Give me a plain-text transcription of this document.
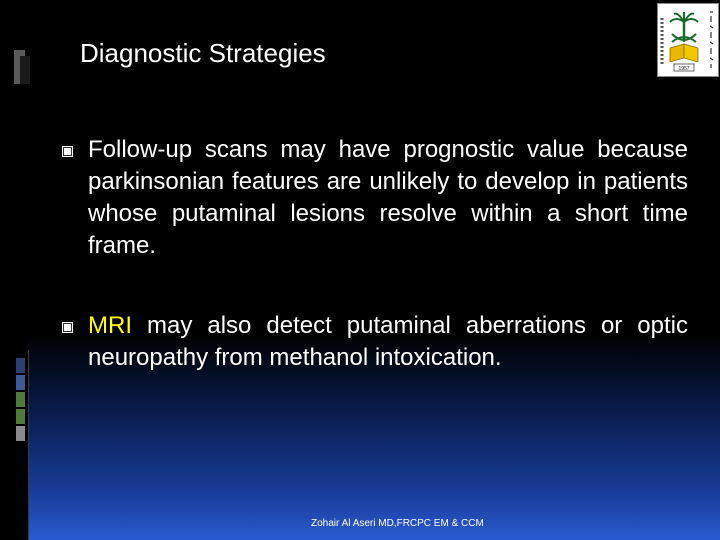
Diagnostic Strategies
1957
Follow-up scans may have prognostic value because parkinsonian features are unlikely to develop in patients whose putaminal lesions resolve within a short time frame.
MRI may also detect putaminal aberrations or optic neuropathy from methanol intoxication.
Zohair Al Aseri MD,FRCPC EM & CCM
